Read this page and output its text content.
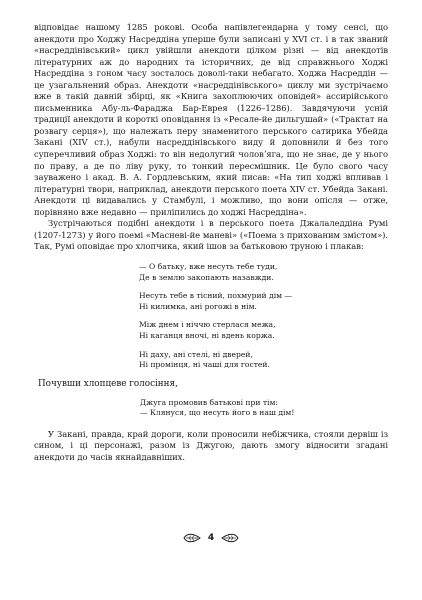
відповідає нашому 1285 рокові. Особа напівлегендарна у тому сенсі, що анекдоти про Ходжу Насреддіна уперше були записані у XVI ст. і в так званий «насреддінівський» цикл увійшли анекдоти цілком різні — від анекдотів літературних аж до народних та історичних, де від справжнього Ходжі Насреддіна з гоном часу зосталось доволі-таки небагато. Ходжа Насреддін — це узагальнений образ. Анекдоти «насреддінівського» циклу ми зустрічаємо вже в такій давній збірці, як «Книга захоплюючих оповідей» ассирійського письменника Абу-ль-Фараджа Бар-Еврея (1226–1286). Завдячуючи усній традиції анекдоти й короткі оповідання із «Ресале-йе дильгушай» («Трактат на розвагу серця»), що належать перу знаменитого перського сатирика Убейда Закані (XIV ст.), набули насреддінівського виду й доповнили й без того суперечливий образ Ходжі: то він недолугий чоловʼяга, що не знає, де у нього по праву, а де по ліву руку, то тонкий пересмішник. Це було свого часу зауважено і акад. В. А. Гордлевським, який писав: «На тип ходжі впливав і літературні твори, наприклад, анекдоти перського поета XIV ст. Убейда Закані. Анекдоти ці видавались у Стамбулі, і можливо, що вони опісля — отже, порівняно вже недавно — приліпились до ходжі Насреддіна».

Зустрічаються подібні анекдоти і в перського поета Джалаледдіна Румі (1207-1273) у його поемі «Масневі-йе маневі» («Поема з прихованим змістом»). Так, Румі оповідає про хлопчика, який ішов за батьковою труною і плакав:

— О батьку, вже несуть тебе туди,
Де в землю закопають назавжди.
Несуть тебе в тісний, похмурий дім —
Ні килимка, ані рогожі в нім.
Між днем і ніччю стерлася межа,
Ні каганця вночі, ні вдень коржа.
Ні даху, ані стелі, ні дверей,
Ні промінця, ні чаші для гостей.
Почувши хлопцеве голосіння,
Джуга промовив батькові при тім:
— Клянуся, що несуть його в наш дім!

У Закані, правда, край дороги, коли проносили небіжчика, стояли дервіш із сином, і ці персонажі, разом із Джугою, дають змогу відносити згадані анекдоти до часів якнайдавніших.

4
